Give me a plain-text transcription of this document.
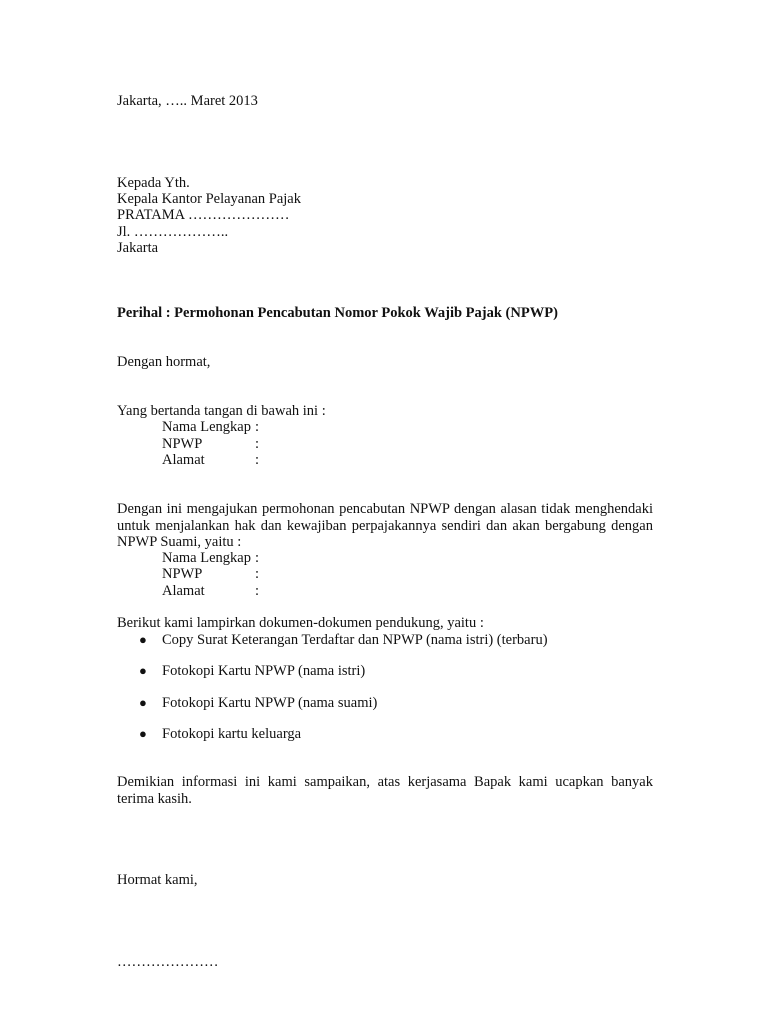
Jakarta, ….. Maret 2013
Kepada Yth.
Kepala Kantor Pelayanan Pajak
PRATAMA …………………
Jl. ………………..
Jakarta
Perihal : Permohonan Pencabutan Nomor Pokok Wajib Pajak (NPWP)
Dengan hormat,
Yang bertanda tangan di bawah ini :
Nama Lengkap :
NPWP	:
Alamat	:
Dengan ini mengajukan permohonan pencabutan NPWP dengan alasan tidak menghendaki untuk menjalankan hak dan kewajiban perpajakannya sendiri dan akan bergabung dengan NPWP Suami, yaitu :
Nama Lengkap :
NPWP	:
Alamat	:
Berikut kami lampirkan dokumen-dokumen pendukung, yaitu :
● Copy Surat Keterangan Terdaftar dan NPWP (nama istri) (terbaru)
● Fotokopi Kartu NPWP (nama istri)
● Fotokopi Kartu NPWP (nama suami)
● Fotokopi kartu keluarga
Demikian informasi ini kami sampaikan, atas kerjasama Bapak kami ucapkan banyak terima kasih.
Hormat kami,
…………………
